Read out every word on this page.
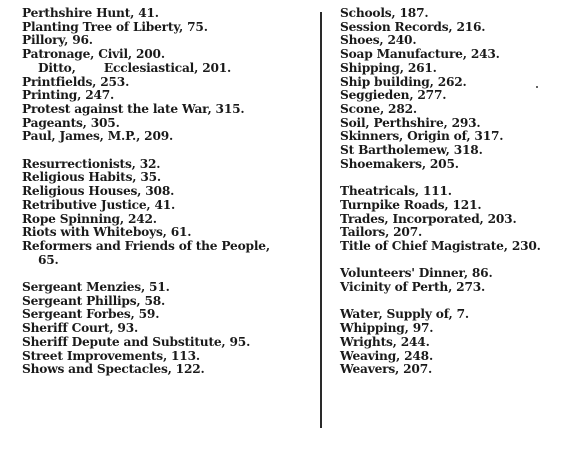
Perthshire Hunt, 41.
Planting Tree of Liberty, 75.
Pillory, 96.
Patronage, Civil, 200.
Ditto,       Ecclesiastical, 201.
Printfields, 253.
Printing, 247.
Protest against the late War, 315.
Pageants, 305.
Paul, James, M.P., 209.
Resurrectionists, 32.
Religious Habits, 35.
Religious Houses, 308.
Retributive Justice, 41.
Rope Spinning, 242.
Riots with Whiteboys, 61.
Reformers and Friends of the People,
65.
Sergeant Menzies, 51.
Sergeant Phillips, 58.
Sergeant Forbes, 59.
Sheriff Court, 93.
Sheriff Depute and Substitute, 95.
Street Improvements, 113.
Shows and Spectacles, 122.
Schools, 187.
Session Records, 216.
Shoes, 240.
Soap Manufacture, 243.
Shipping, 261.
Ship building, 262.
Seggieden, 277.
Scone, 282.
Soil, Perthshire, 293.
Skinners, Origin of, 317.
St Bartholemew, 318.
Shoemakers, 205.
Theatricals, 111.
Turnpike Roads, 121.
Trades, Incorporated, 203.
Tailors, 207.
Title of Chief Magistrate, 230.
Volunteers' Dinner, 86.
Vicinity of Perth, 273.
Water, Supply of, 7.
Whipping, 97.
Wrights, 244.
Weaving, 248.
Weavers, 207.
